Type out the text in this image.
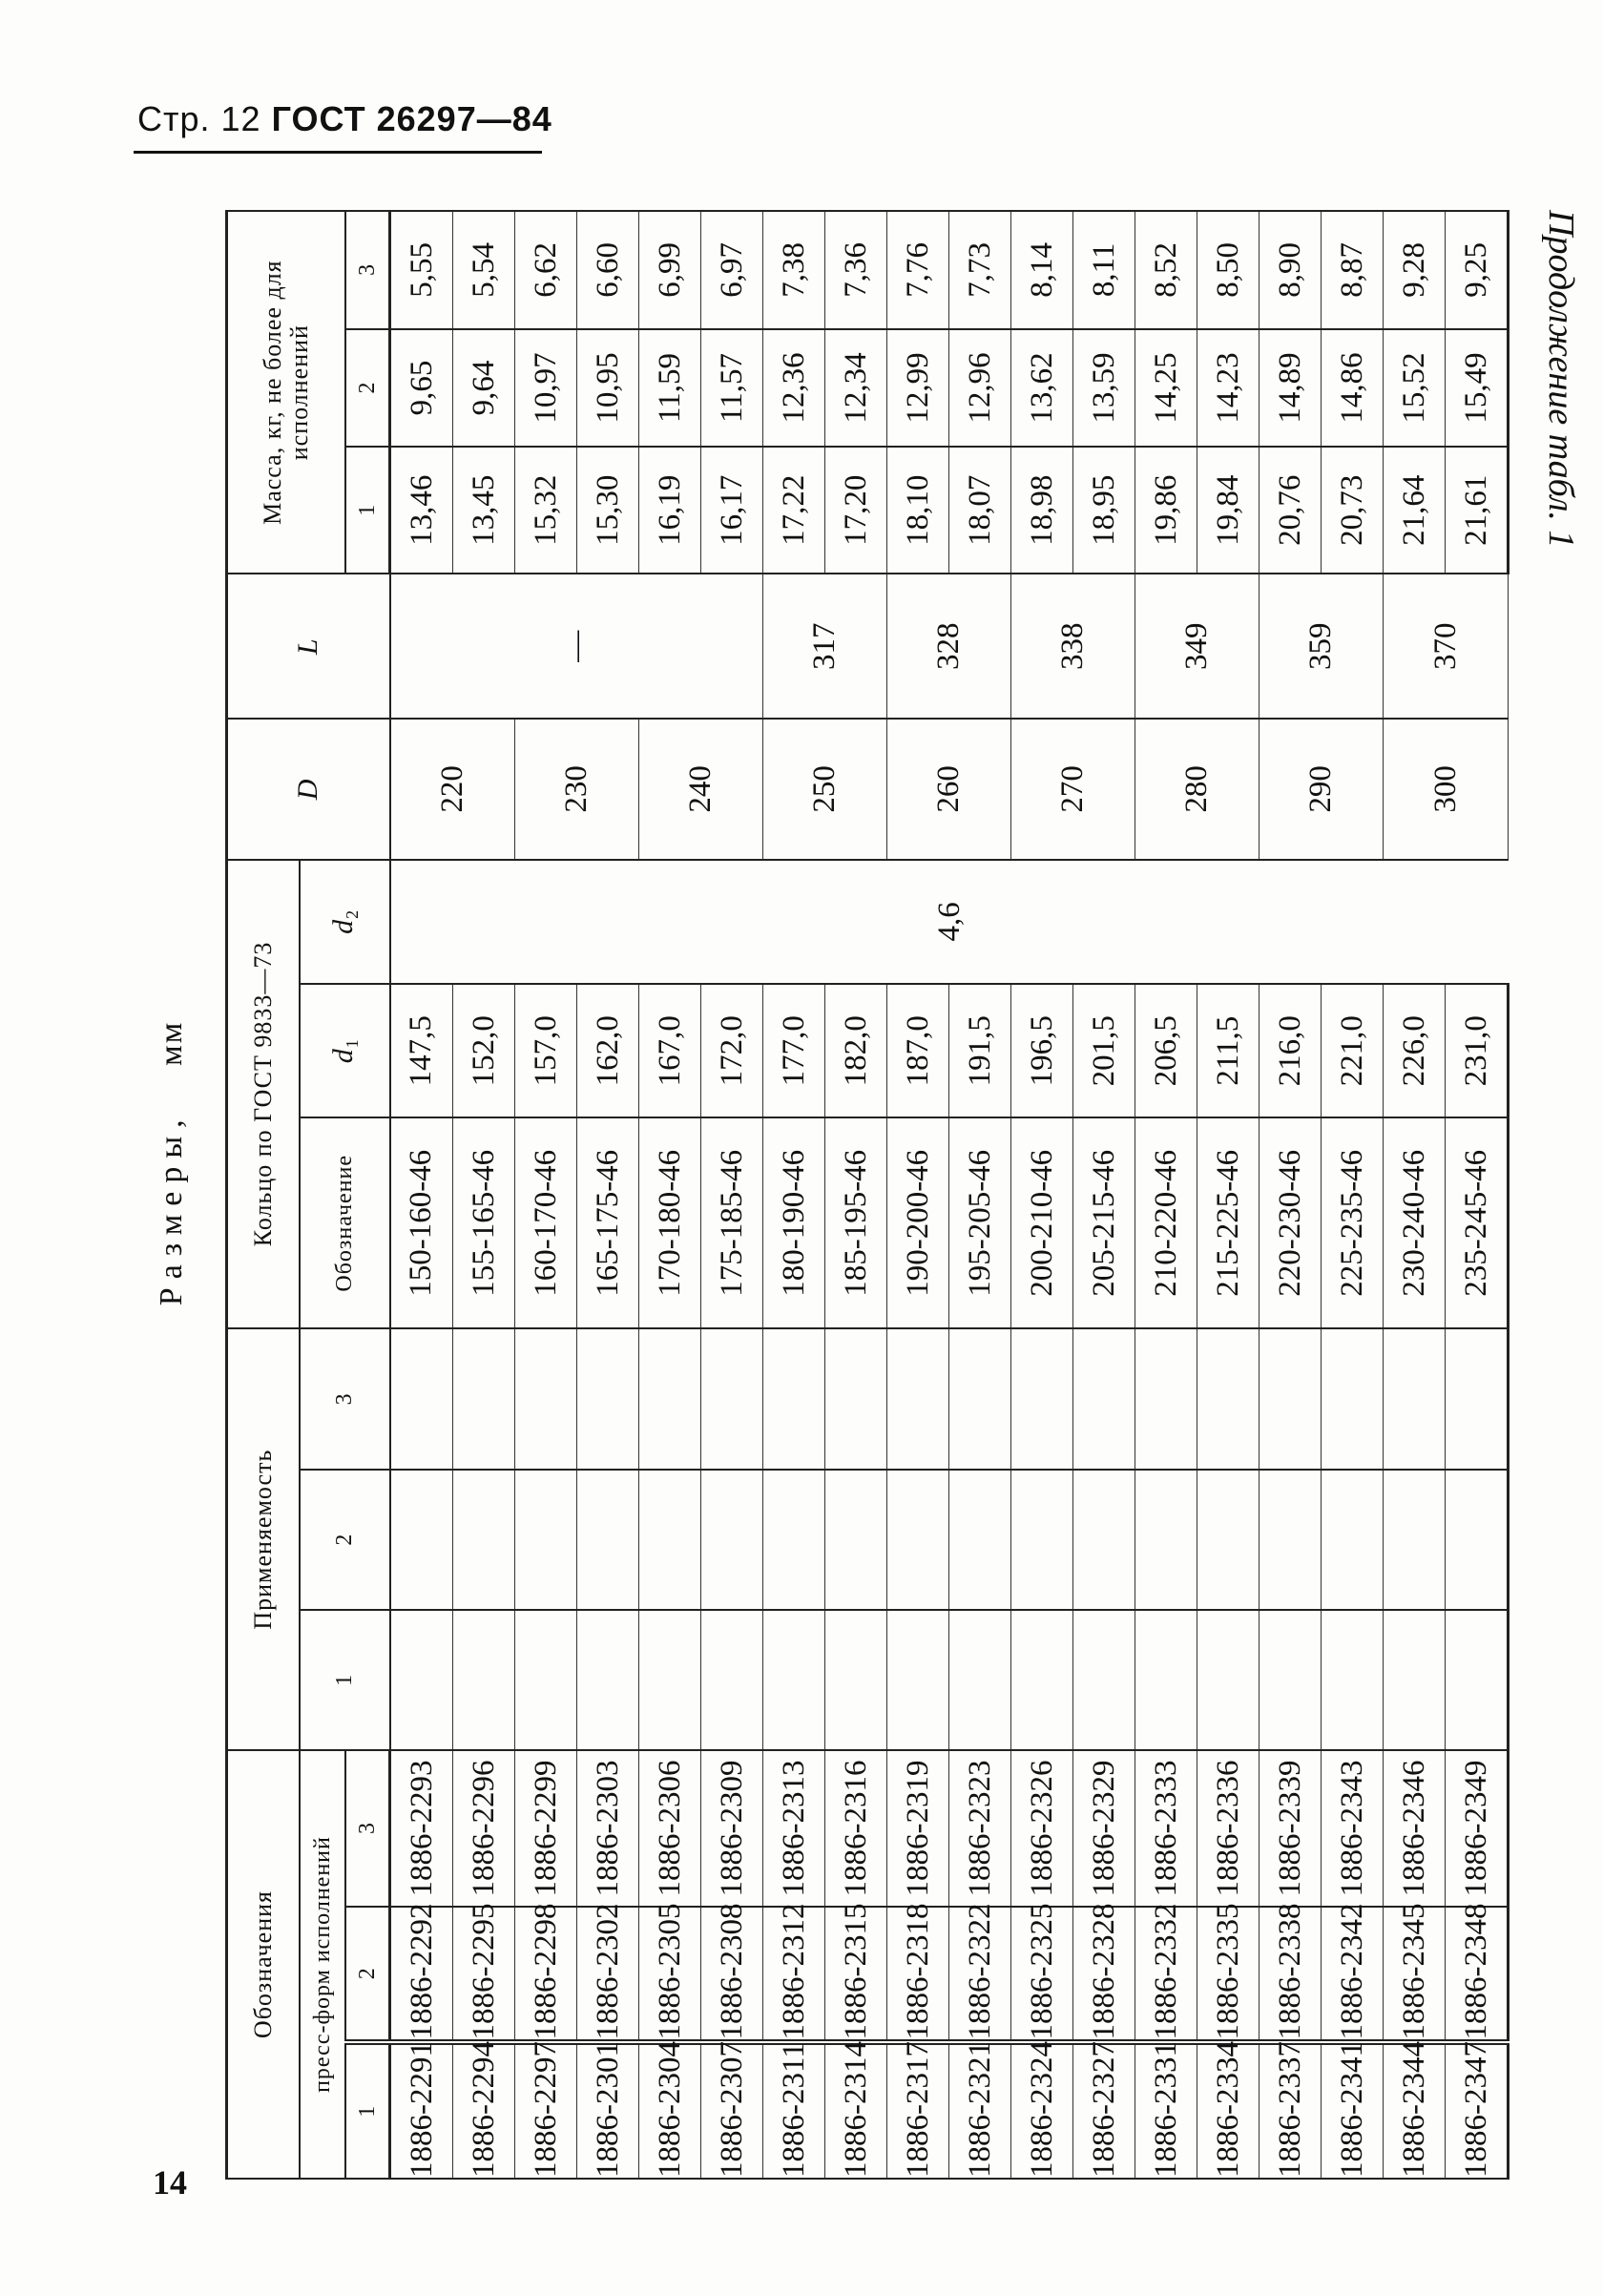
Стр. 12 ГОСТ 26297—84
Продолжение табл. 1
Размеры, мм
14
Обозначения			Применяемость			Кольцо по ГОСТ 9833—73			D	L	Масса, кг, не более для исполнений		
пресс-форм исполнений			1	2	3	Обозначение	$d_1$	$d_2$
1	2	3									1	2	3
1886-2291	1886-2292	1886-2293				150-160-46	147,5	4,6	220	—	13,46	9,65	5,55
1886-2294	1886-2295	1886-2296				155-165-46	152,0				13,45	9,64	5,54
1886-2297	1886-2298	1886-2299				160-170-46	157,0		230		15,32	10,97	6,62
1886-2301	1886-2302	1886-2303				165-175-46	162,0				15,30	10,95	6,60
1886-2304	1886-2305	1886-2306				170-180-46	167,0		240		16,19	11,59	6,99
1886-2307	1886-2308	1886-2309				175-185-46	172,0				16,17	11,57	6,97
1886-2311	1886-2312	1886-2313				180-190-46	177,0		250	317	17,22	12,36	7,38
1886-2314	1886-2315	1886-2316				185-195-46	182,0				17,20	12,34	7,36
1886-2317	1886-2318	1886-2319				190-200-46	187,0		260	328	18,10	12,99	7,76
1886-2321	1886-2322	1886-2323				195-205-46	191,5				18,07	12,96	7,73
1886-2324	1886-2325	1886-2326				200-210-46	196,5		270	338	18,98	13,62	8,14
1886-2327	1886-2328	1886-2329				205-215-46	201,5				18,95	13,59	8,11
1886-2331	1886-2332	1886-2333				210-220-46	206,5		280	349	19,86	14,25	8,52
1886-2334	1886-2335	1886-2336				215-225-46	211,5				19,84	14,23	8,50
1886-2337	1886-2338	1886-2339				220-230-46	216,0		290	359	20,76	14,89	8,90
1886-2341	1886-2342	1886-2343				225-235-46	221,0				20,73	14,86	8,87
1886-2344	1886-2345	1886-2346				230-240-46	226,0		300	370	21,64	15,52	9,28
1886-2347	1886-2348	1886-2349				235-245-46	231,0				21,61	15,49	9,25
